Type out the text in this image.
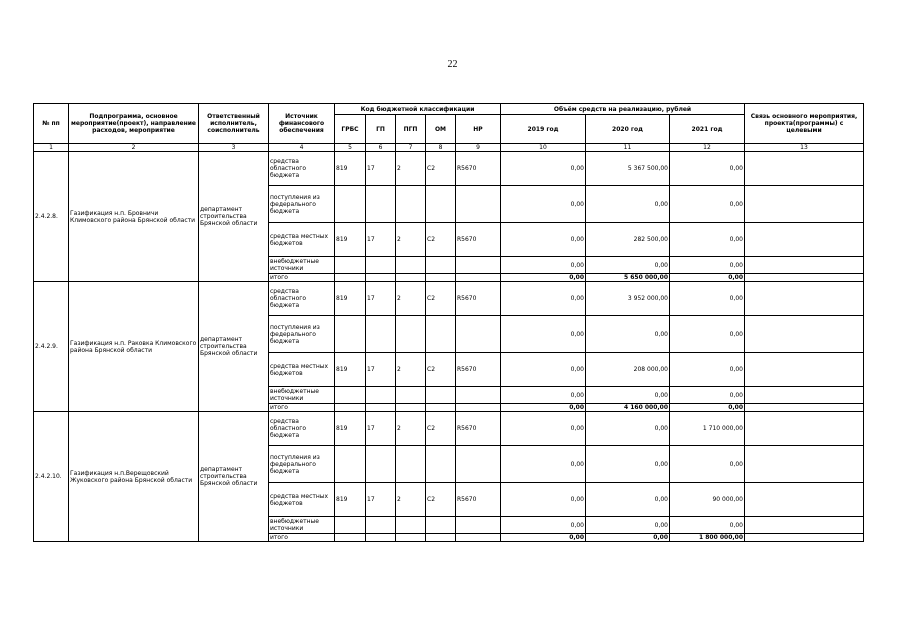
22
№ пп	Подпрограмма, основное мероприятие(проект), направление расходов, мероприятие	Ответственный исполнитель, соисполнитель	Источник финансового обеспечения	Код бюджетной классификации					Объём средств на реализацию, рублей			Связь основного мероприятия, проекта(программы) с целевыми
				ГРБС	ГП	ПГП	ОМ	НР	2019 год	2020 год	2021 год	
1	2	3	4	5	6	7	8	9	10	11	12	13
2.4.2.8.	Газификация н.п. Бровничи Климовского района Брянской области	департамент строительства Брянской области	средства областного бюджета	819	17	2	С2	R5670	0,00	5 367 500,00	0,00	
			поступления из федерального бюджета						0,00	0,00	0,00	
			средства местных бюджетов	819	17	2	С2	R5670	0,00	282 500,00	0,00	
			внебюджетные источники						0,00	0,00	0,00	
			итого						0,00	5 650 000,00	0,00	
2.4.2.9.	Газификация н.п. Раковка Климовского района Брянской области	департамент строительства Брянской области	средства областного бюджета	819	17	2	С2	R5670	0,00	3 952 000,00	0,00	
			поступления из федерального бюджета						0,00	0,00	0,00	
			средства местных бюджетов	819	17	2	С2	R5670	0,00	208 000,00	0,00	
			внебюджетные источники						0,00	0,00	0,00	
			итого						0,00	4 160 000,00	0,00	
2.4.2.10.	Газификация н.п.Верещовский Жуковского района Брянской области	департамент строительства Брянской области	средства областного бюджета	819	17	2	С2	R5670	0,00	0,00	1 710 000,00	
			поступления из федерального бюджета						0,00	0,00	0,00	
			средства местных бюджетов	819	17	2	С2	R5670	0,00	0,00	90 000,00	
			внебюджетные источники						0,00	0,00	0,00	
			итого						0,00	0,00	1 800 000,00	
